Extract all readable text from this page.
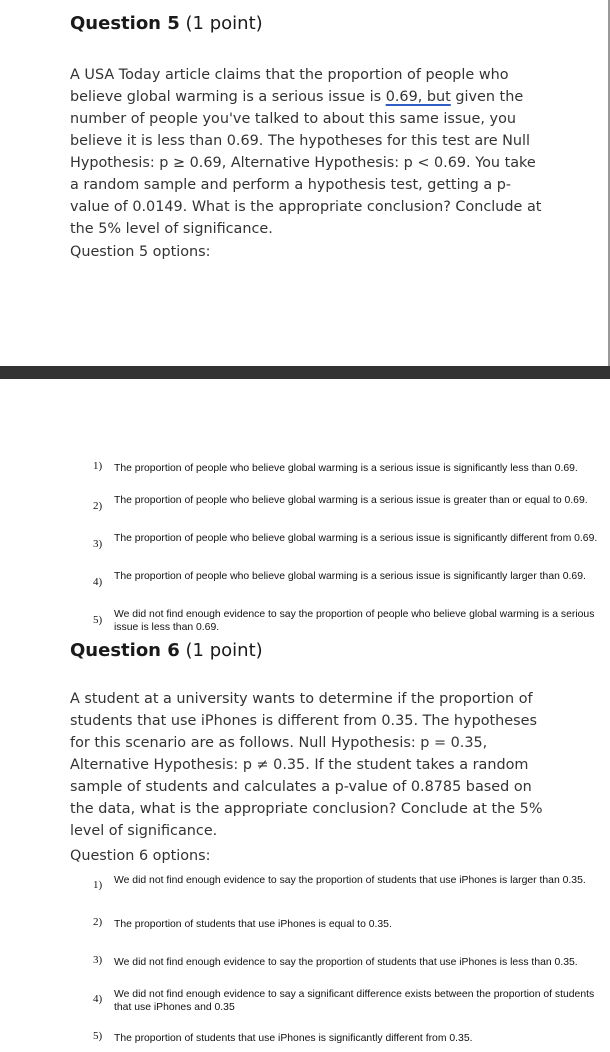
Question 5 (1 point)
A USA Today article claims that the proportion of people who believe global warming is a serious issue is 0.69, but given the number of people you've talked to about this same issue, you believe it is less than 0.69. The hypotheses for this test are Null Hypothesis: p ≥ 0.69, Alternative Hypothesis: p < 0.69. You take a random sample and perform a hypothesis test, getting a p-value of 0.0149. What is the appropriate conclusion? Conclude at the 5% level of significance.
Question 5 options:
1) The proportion of people who believe global warming is a serious issue is significantly less than 0.69.
2) The proportion of people who believe global warming is a serious issue is greater than or equal to 0.69.
3) The proportion of people who believe global warming is a serious issue is significantly different from 0.69.
4) The proportion of people who believe global warming is a serious issue is significantly larger than 0.69.
5) We did not find enough evidence to say the proportion of people who believe global warming is a serious issue is less than 0.69.
Question 6 (1 point)
A student at a university wants to determine if the proportion of students that use iPhones is different from 0.35. The hypotheses for this scenario are as follows. Null Hypothesis: p = 0.35, Alternative Hypothesis: p ≠ 0.35. If the student takes a random sample of students and calculates a p-value of 0.8785 based on the data, what is the appropriate conclusion? Conclude at the 5% level of significance.
Question 6 options:
1) We did not find enough evidence to say the proportion of students that use iPhones is larger than 0.35.
2) The proportion of students that use iPhones is equal to 0.35.
3) We did not find enough evidence to say the proportion of students that use iPhones is less than 0.35.
4) We did not find enough evidence to say a significant difference exists between the proportion of students that use iPhones and 0.35
5) The proportion of students that use iPhones is significantly different from 0.35.
